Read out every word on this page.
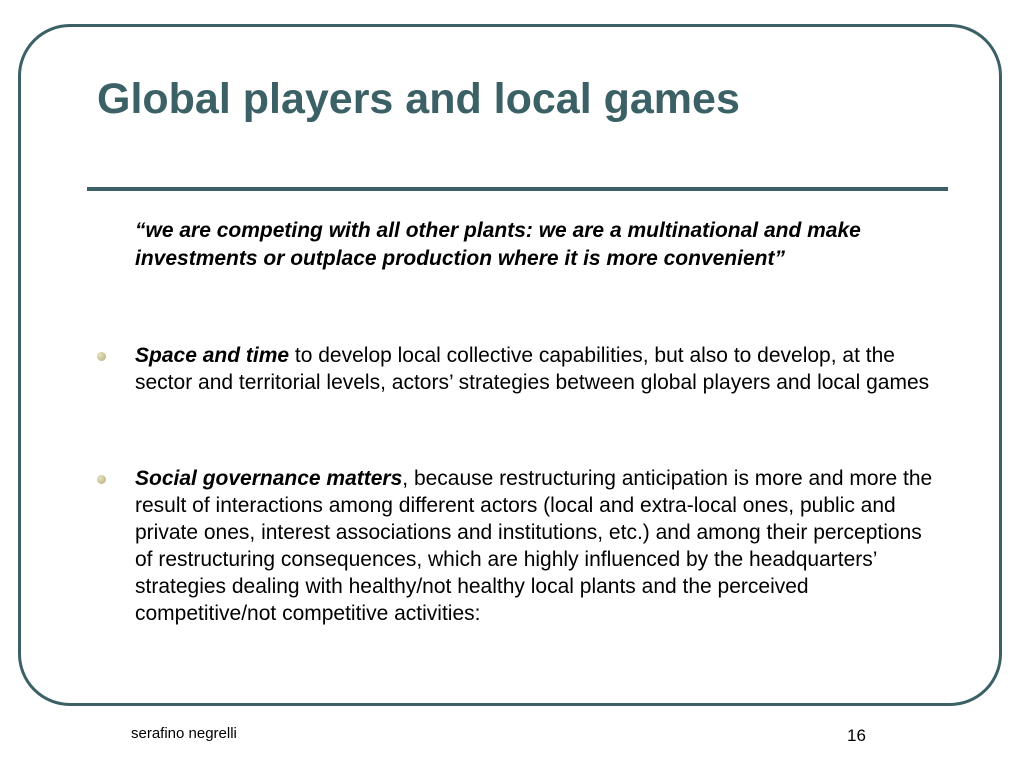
Global players and local games

“we are competing with all other plants: we are a multinational and make investments or outplace production where it is more convenient”

Space and time to develop local collective capabilities, but also to develop, at the sector and territorial levels, actors’ strategies between global players and local games

Social governance matters, because restructuring anticipation is more and more the result of interactions among different actors (local and extra-local ones, public and private ones, interest associations and institutions, etc.) and among their perceptions of restructuring consequences, which are highly influenced by the headquarters’ strategies dealing with healthy/not healthy local plants and the perceived competitive/not competitive activities:

serafino negrelli	16
